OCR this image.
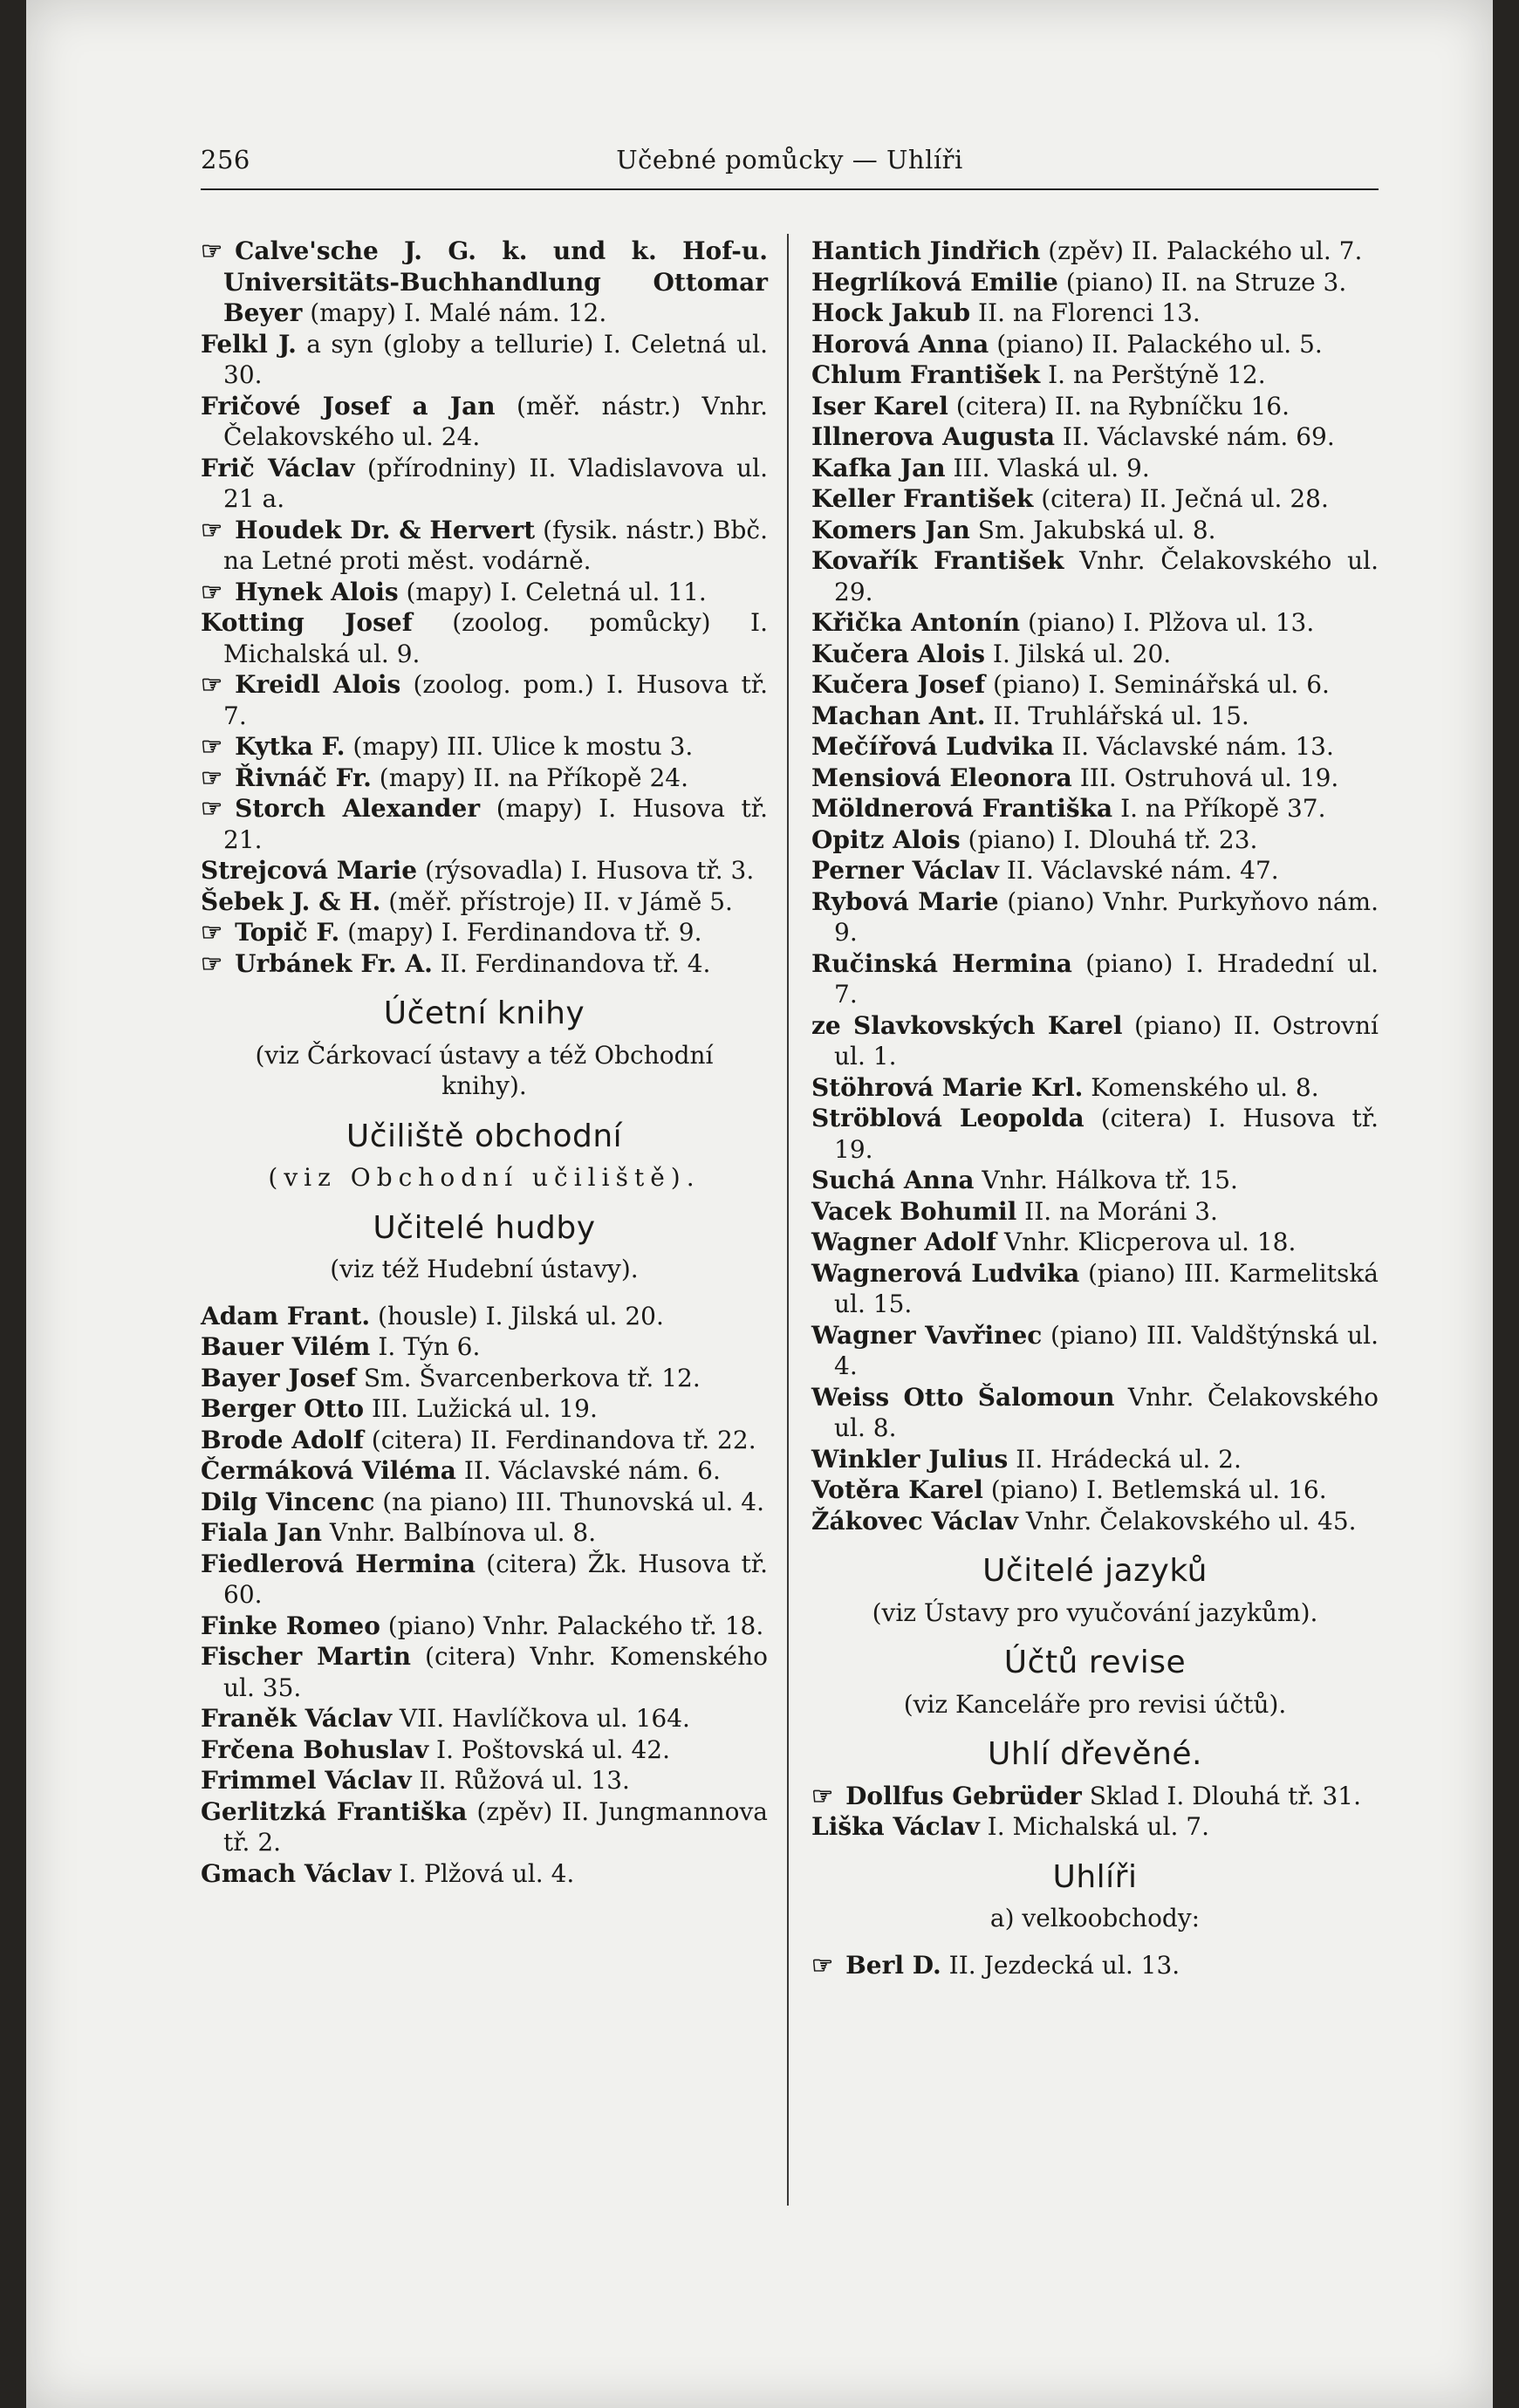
256	Učebné pomůcky — Uhlíři
☞ Calve'sche J. G. k. und k. Hof-u. Universitäts-Buchhandlung Ottomar Beyer (mapy) I. Malé nám. 12.
Felkl J. a syn (globy a tellurie) I. Celetná ul. 30.
Fričové Josef a Jan (měř. nástr.) Vnhr. Čelakovského ul. 24.
Frič Václav (přírodniny) II. Vladislavova ul. 21 a.
☞ Houdek Dr. & Hervert (fysik. nástr.) Bbč. na Letné proti měst. vodárně.
☞ Hynek Alois (mapy) I. Celetná ul. 11.
Kotting Josef (zoolog. pomůcky) I. Michalská ul. 9.
☞ Kreidl Alois (zoolog. pom.) I. Husova tř. 7.
☞ Kytka F. (mapy) III. Ulice k mostu 3.
☞ Řivnáč Fr. (mapy) II. na Příkopě 24.
☞ Storch Alexander (mapy) I. Husova tř. 21.
Strejcová Marie (rýsovadla) I. Husova tř. 3.
Šebek J. & H. (měř. přístroje) II. v Jámě 5.
☞ Topič F. (mapy) I. Ferdinandova tř. 9.
☞ Urbánek Fr. A. II. Ferdinandova tř. 4.
Účetní knihy
(viz Čárkovací ústavy a též Obchodní knihy).
Učiliště obchodní
(viz Obchodní učiliště).
Učitelé hudby
(viz též Hudební ústavy).
Adam Frant. (housle) I. Jilská ul. 20.
Bauer Vilém I. Týn 6.
Bayer Josef Sm. Švarcenberkova tř. 12.
Berger Otto III. Lužická ul. 19.
Brode Adolf (citera) II. Ferdinandova tř. 22.
Čermáková Viléma II. Václavské nám. 6.
Dilg Vincenc (na piano) III. Thunovská ul. 4.
Fiala Jan Vnhr. Balbínova ul. 8.
Fiedlerová Hermina (citera) Žk. Husova tř. 60.
Finke Romeo (piano) Vnhr. Palackého tř. 18.
Fischer Martin (citera) Vnhr. Komenského ul. 35.
Franěk Václav VII. Havlíčkova ul. 164.
Frčena Bohuslav I. Poštovská ul. 42.
Frimmel Václav II. Růžová ul. 13.
Gerlitzká Františka (zpěv) II. Jungmannova tř. 2.
Gmach Václav I. Plžová ul. 4.
Hantich Jindřich (zpěv) II. Palackého ul. 7.
Hegrlíková Emilie (piano) II. na Struze 3.
Hock Jakub II. na Florenci 13.
Horová Anna (piano) II. Palackého ul. 5.
Chlum František I. na Perštýně 12.
Iser Karel (citera) II. na Rybníčku 16.
Illnerova Augusta II. Václavské nám. 69.
Kafka Jan III. Vlaská ul. 9.
Keller František (citera) II. Ječná ul. 28.
Komers Jan Sm. Jakubská ul. 8.
Kovařík František Vnhr. Čelakovského ul. 29.
Křička Antonín (piano) I. Plžova ul. 13.
Kučera Alois I. Jilská ul. 20.
Kučera Josef (piano) I. Seminářská ul. 6.
Machan Ant. II. Truhlářská ul. 15.
Mečířová Ludvika II. Václavské nám. 13.
Mensiová Eleonora III. Ostruhová ul. 19.
Möldnerová Františka I. na Příkopě 37.
Opitz Alois (piano) I. Dlouhá tř. 23.
Perner Václav II. Václavské nám. 47.
Rybová Marie (piano) Vnhr. Purkyňovo nám. 9.
Ručinská Hermina (piano) I. Hradední ul. 7.
ze Slavkovských Karel (piano) II. Ostrovní ul. 1.
Stöhrová Marie Krl. Komenského ul. 8.
Ströblová Leopolda (citera) I. Husova tř. 19.
Suchá Anna Vnhr. Hálkova tř. 15.
Vacek Bohumil II. na Moráni 3.
Wagner Adolf Vnhr. Klicperova ul. 18.
Wagnerová Ludvika (piano) III. Karmelitská ul. 15.
Wagner Vavřinec (piano) III. Valdštýnská ul. 4.
Weiss Otto Šalomoun Vnhr. Čelakovského ul. 8.
Winkler Julius II. Hrádecká ul. 2.
Votěra Karel (piano) I. Betlemská ul. 16.
Žákovec Václav Vnhr. Čelakovského ul. 45.
Učitelé jazyků
(viz Ústavy pro vyučování jazykům).
Účtů revise
(viz Kanceláře pro revisi účtů).
Uhlí dřevěné.
☞ Dollfus Gebrüder Sklad I. Dlouhá tř. 31.
Liška Václav I. Michalská ul. 7.
Uhlíři
a) velkoobchody:
☞ Berl D. II. Jezdecká ul. 13.
